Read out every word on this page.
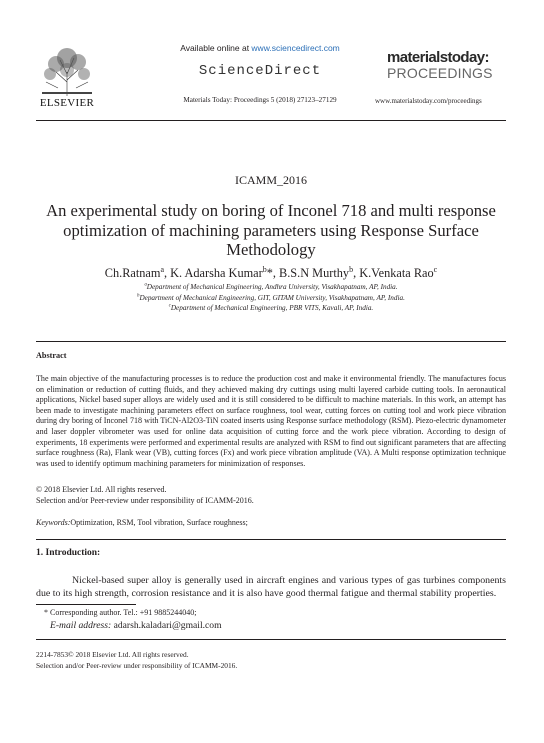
ELSEVIER
Available online at www.sciencedirect.com
ScienceDirect
Materials Today: Proceedings 5 (2018) 27123–27129
materialstoday:
PROCEEDINGS
www.materialstoday.com/proceedings
ICAMM_2016
An experimental study on boring of Inconel 718 and multi response optimization of machining parameters using Response Surface Methodology
Ch.Ratnam$^a$, K. Adarsha Kumar$^b$*, B.S.N Murthy$^b$, K.Venkata Rao$^c$
$^a$Department of Mechanical Engineering, Andhra University, Visakhapatnam, AP, India.
$^b$Department of Mechanical Engineering, GIT, GITAM University, Visakhapatnam, AP, India.
$^c$Department of Mechanical Engineering, PBR VITS, Kavali, AP, India.
Abstract
The main objective of the manufacturing processes is to reduce the production cost and make it environmental friendly. The manufactures focus on elimination or reduction of cutting fluids, and they achieved making dry cuttings using multi layered carbide cutting tools. In aeronautical applications, Nickel based super alloys are widely used and it is still considered to be difficult to machine materials. In this work, an attempt has been made to investigate machining parameters effect on surface roughness, tool wear, cutting forces on cutting tool and work piece vibration during dry boring of Inconel 718 with TiCN-Al2O3-TiN coated inserts using Response surface methodology (RSM). Piezo-electric dynamometer and laser doppler vibrometer was used for online data acquisition of cutting force and the work piece vibration. According to design of experiments, 18 experiments were performed and experimental results are analyzed with RSM to find out significant parameters that are affecting surface roughness (Ra), Flank wear (VB), cutting forces (Fx) and work piece vibration amplitude (VA). A Multi response optimization technique was used to identify optimum machining parameters for minimization of responses.
© 2018 Elsevier Ltd. All rights reserved.
Selection and/or Peer-review under responsibility of ICAMM-2016.
Keywords:Optimization, RSM, Tool vibration, Surface roughness;
1. Introduction:
Nickel-based super alloy is generally used in aircraft engines and various types of gas turbines components due to its high strength, corrosion resistance and it is also have good thermal fatigue and thermal stability properties.
* Corresponding author. Tel.: +91 9885244040;
E-mail address: adarsh.kaladari@gmail.com
2214-7853© 2018 Elsevier Ltd. All rights reserved.
Selection and/or Peer-review under responsibility of ICAMM-2016.
